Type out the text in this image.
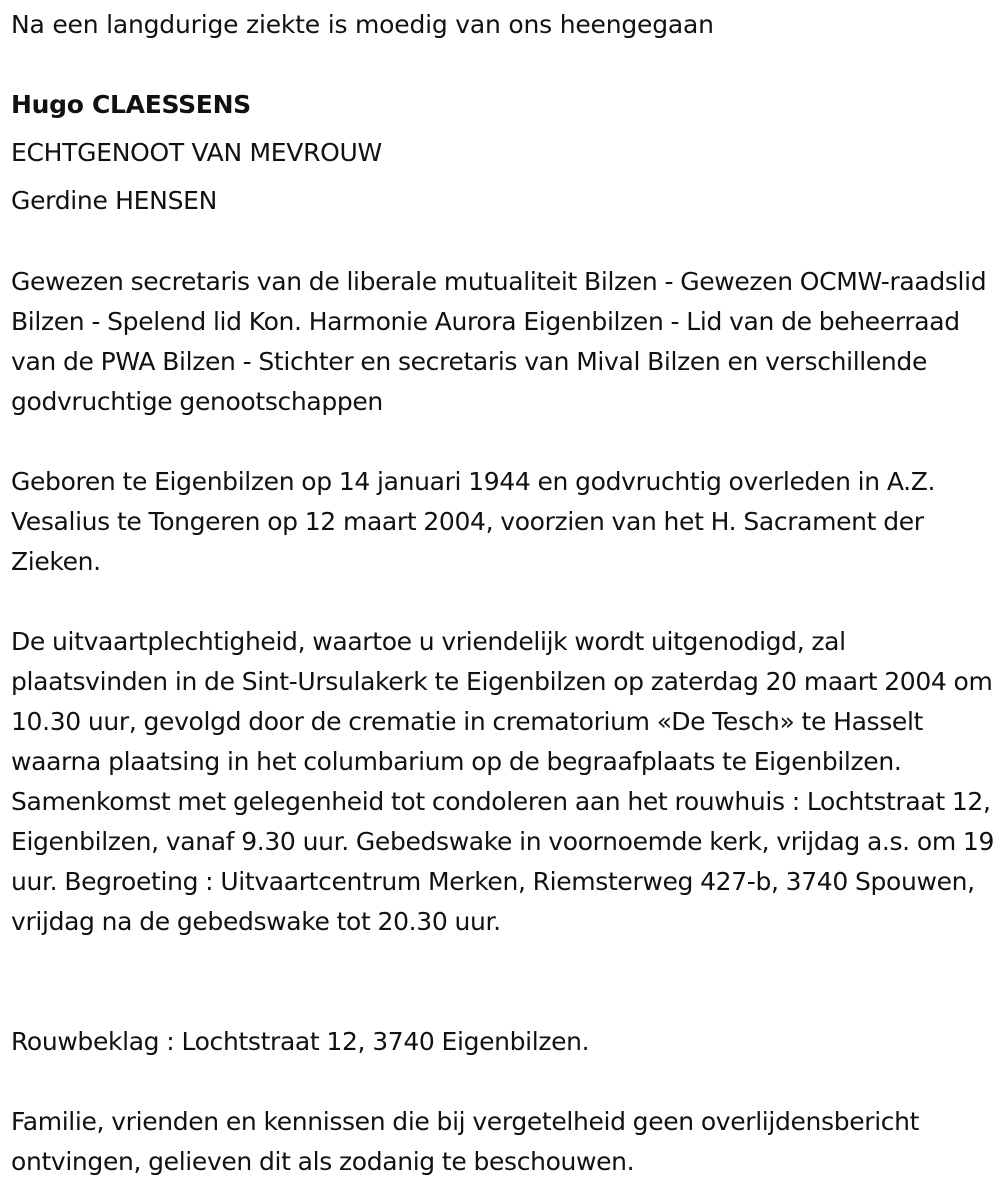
Na een langdurige ziekte is moedig van ons heengegaan

Hugo CLAESSENS

ECHTGENOOT VAN MEVROUW

Gerdine HENSEN

Gewezen secretaris van de liberale mutualiteit Bilzen - Gewezen OCMW-raadslid Bilzen - Spelend lid Kon. Harmonie Aurora Eigenbilzen - Lid van de beheerraad van de PWA Bilzen - Stichter en secretaris van Mival Bilzen en verschillende godvruchtige genootschappen

Geboren te Eigenbilzen op 14 januari 1944 en godvruchtig overleden in A.Z. Vesalius te Tongeren op 12 maart 2004, voorzien van het H. Sacrament der Zieken.

De uitvaartplechtigheid, waartoe u vriendelijk wordt uitgenodigd, zal plaatsvinden in de Sint-Ursulakerk te Eigenbilzen op zaterdag 20 maart 2004 om 10.30 uur, gevolgd door de crematie in crematorium «De Tesch» te Hasselt waarna plaatsing in het columbarium op de begraafplaats te Eigenbilzen. Samenkomst met gelegenheid tot condoleren aan het rouwhuis : Lochtstraat 12, Eigenbilzen, vanaf 9.30 uur. Gebedswake in voornoemde kerk, vrijdag a.s. om 19 uur. Begroeting : Uitvaartcentrum Merken, Riemsterweg 427-b, 3740 Spouwen, vrijdag na de gebedswake tot 20.30 uur.

Rouwbeklag : Lochtstraat 12, 3740 Eigenbilzen.

Familie, vrienden en kennissen die bij vergetelheid geen overlijdensbericht ontvingen, gelieven dit als zodanig te beschouwen.
